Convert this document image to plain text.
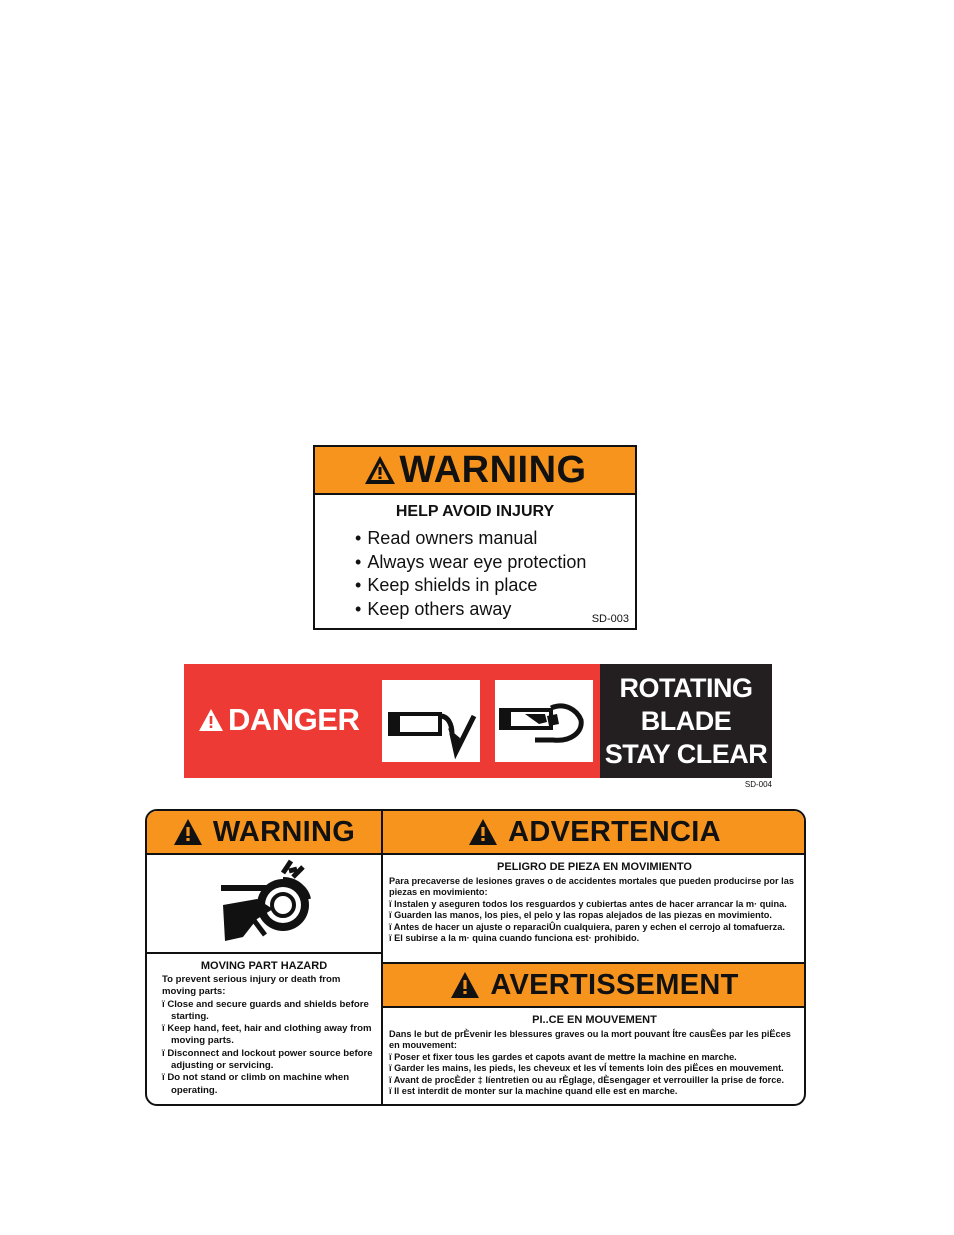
WARNING
HELP AVOID INJURY
• Read owners manual
• Always wear eye protection
• Keep shields in place
• Keep others away
SD-003
DANGER
ROTATING
BLADE
STAY CLEAR
SD-004
WARNING
MOVING PART HAZARD
To prevent serious injury or death from moving parts:
ï Close and secure guards and shields before starting.
ï Keep hand, feet, hair and clothing away from moving parts.
ï Disconnect and lockout power source before adjusting or servicing.
ï Do not stand or climb on machine when operating.
ADVERTENCIA
PELIGRO DE PIEZA EN MOVIMIENTO
Para precaverse de lesiones graves o de accidentes mortales que pueden producirse por las piezas en movimiento:
ï Instalen y aseguren todos los resguardos y cubiertas antes de hacer arrancar la m· quina.
ï Guarden las manos, los pies, el pelo y las ropas alejados de las piezas en movimiento.
ï Antes de hacer un ajuste o reparaciÛn cualquiera, paren y echen el cerrojo al tomafuerza.
ï El subirse a la m· quina cuando funciona est· prohibido.
AVERTISSEMENT
PI..CE EN MOUVEMENT
Dans le but de prÈvenir les blessures graves ou la mort pouvant Ítre causÈes par les piËces en mouvement:
ï Poser et fixer tous les gardes et capots avant de mettre la machine en marche.
ï Garder les mains, les pieds, les cheveux et les vÍ tements loin des piËces en mouvement.
ï Avant de procÈder ‡ líentretien ou au rÈglage, dÈsengager et verrouiller la prise de force.
ï Il est interdit de monter sur la machine quand elle est en marche.
